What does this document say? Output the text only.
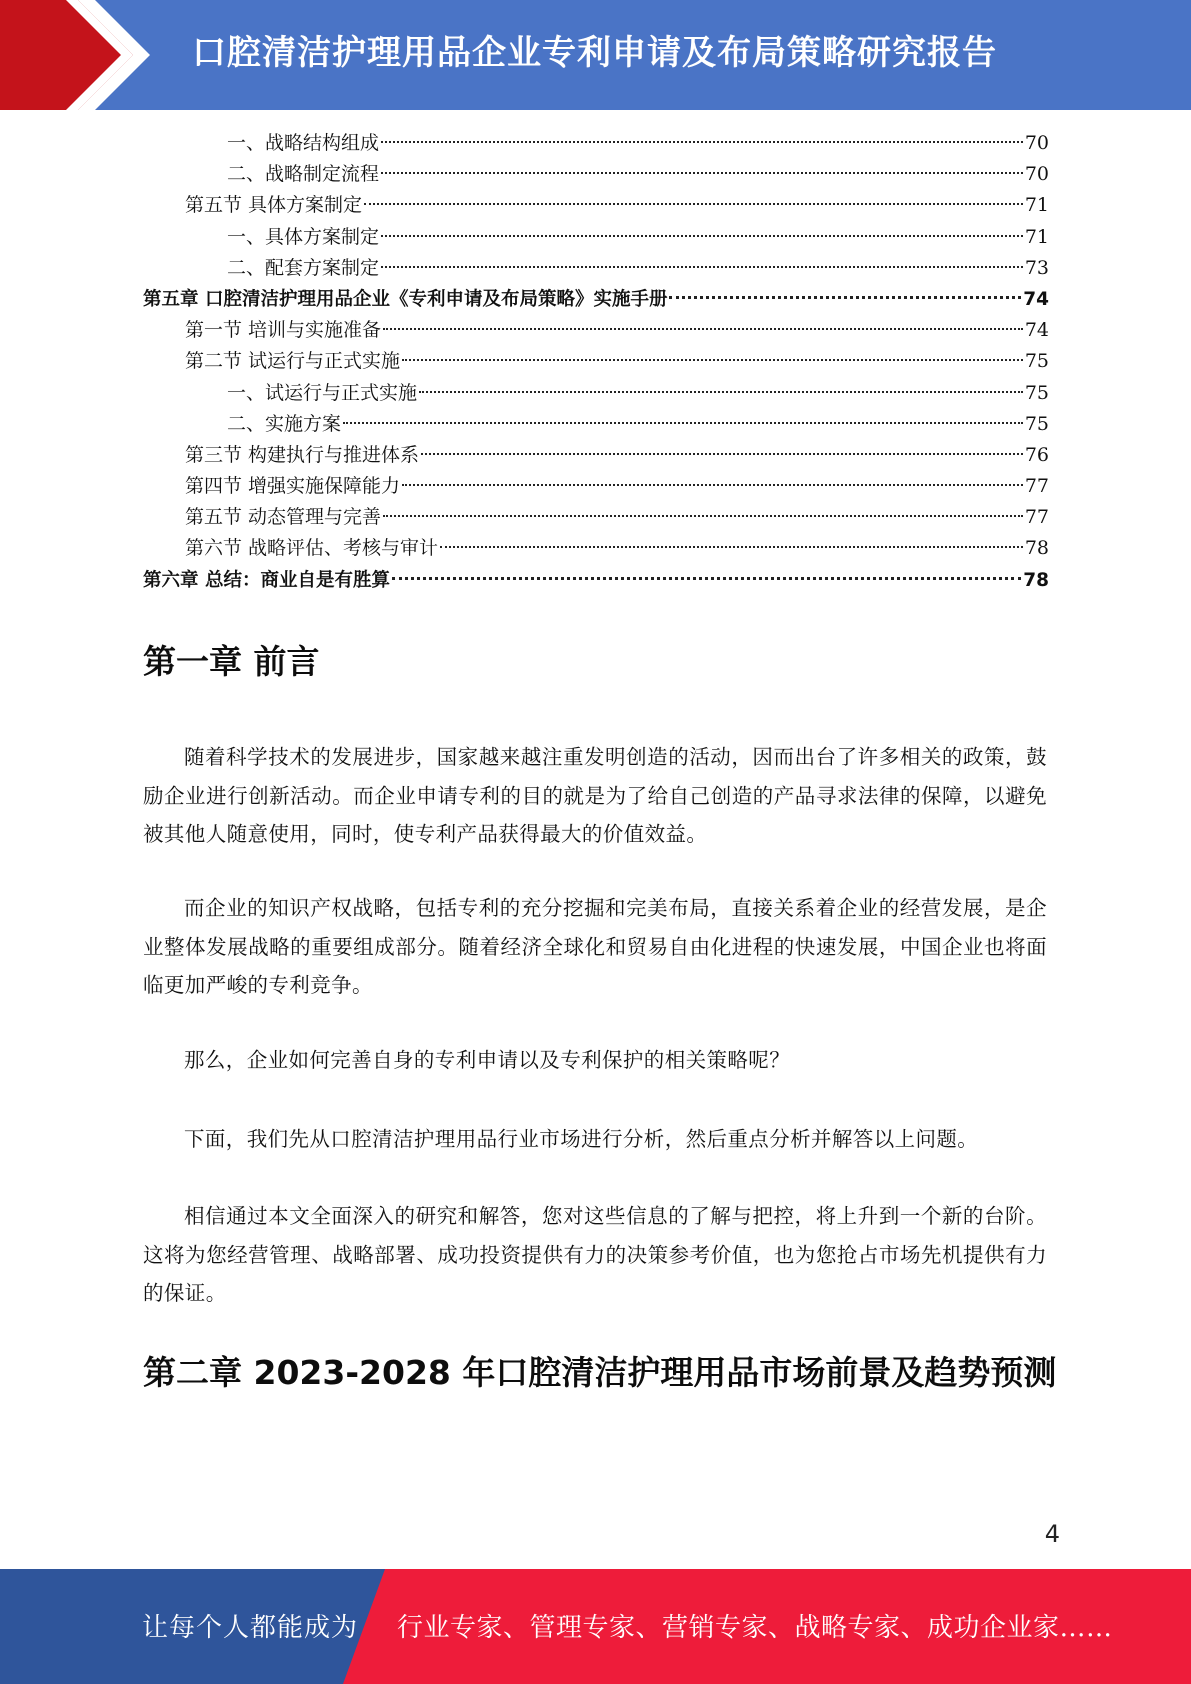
口腔清洁护理用品企业专利申请及布局策略研究报告
一、战略结构组成	70
二、战略制定流程	70
第五节 具体方案制定	71
一、具体方案制定	71
二、配套方案制定	73
第五章 口腔清洁护理用品企业《专利申请及布局策略》实施手册	74
第一节 培训与实施准备	74
第二节 试运行与正式实施	75
一、试运行与正式实施	75
二、实施方案	75
第三节 构建执行与推进体系	76
第四节 增强实施保障能力	77
第五节 动态管理与完善	77
第六节 战略评估、考核与审计	78
第六章 总结：商业自是有胜算	78
第一章 前言

随着科学技术的发展进步，国家越来越注重发明创造的活动，因而出台了许多相关的政策，鼓励企业进行创新活动。而企业申请专利的目的就是为了给自己创造的产品寻求法律的保障，以避免被其他人随意使用，同时，使专利产品获得最大的价值效益。

而企业的知识产权战略，包括专利的充分挖掘和完美布局，直接关系着企业的经营发展，是企业整体发展战略的重要组成部分。随着经济全球化和贸易自由化进程的快速发展，中国企业也将面临更加严峻的专利竞争。

那么，企业如何完善自身的专利申请以及专利保护的相关策略呢？

下面，我们先从口腔清洁护理用品行业市场进行分析，然后重点分析并解答以上问题。

相信通过本文全面深入的研究和解答，您对这些信息的了解与把控，将上升到一个新的台阶。这将为您经营管理、战略部署、成功投资提供有力的决策参考价值，也为您抢占市场先机提供有力的保证。

第二章 2023-2028 年口腔清洁护理用品市场前景及趋势预测
4
让每个人都能成为 行业专家、管理专家、营销专家、战略专家、成功企业家……
